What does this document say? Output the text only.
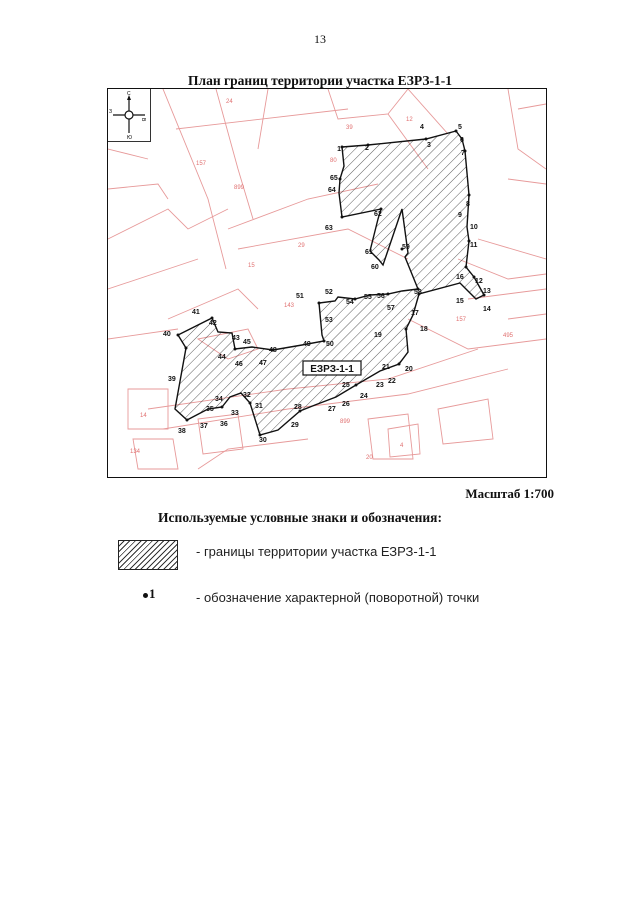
13
План границ территории участка ЕЗРЗ-1-1
24
39
12
157	80
29
143
157
495
14
134
4
20
899
899
15
1	2	3
4	5
6
7
8
9
10
11
12
13
14
15
16
17
18
19
20
21
22
23
24
25
26
27
28
29
30
31
32
33
34
35
36
37
38
39
40
41
42
43
44
45
46 47
48
49 50
51
52
53
54
55 56
57
58
59
60
61
62
63
64
65
ЕЗРЗ-1-1
С
Ю
З
В
Масштаб 1:700
Используемые условные знаки и обозначения:
- границы территории участка ЕЗРЗ-1-1
1	- обозначение характерной (поворотной) точки
